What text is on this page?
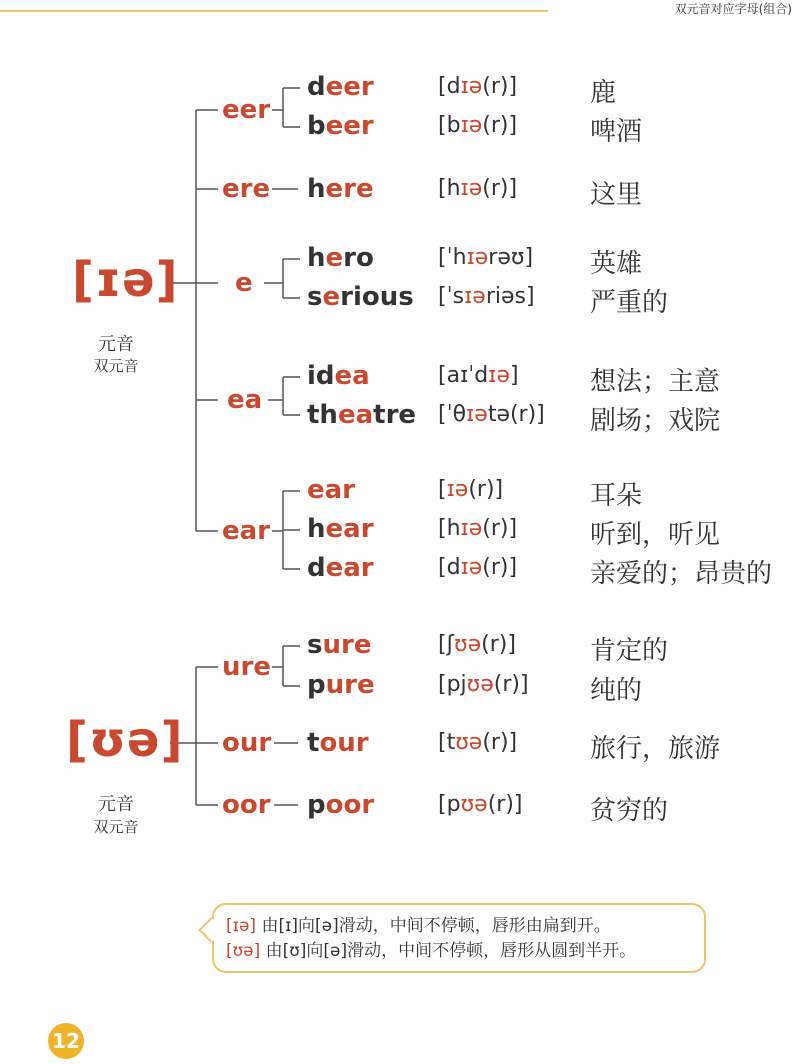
双元音对应字母(组合)
[ɪə]
元音
双元音
eer
ere
e
ea
ear
deer	[dɪə(r)]	鹿
beer	[bɪə(r)]	啤酒
here	[hɪə(r)]	这里
hero	[ˈhɪərəʊ] 英雄
serious [ˈsɪəriəs] 严重的
idea	[aɪˈdɪə]	想法；主意
theatre [ˈθɪətə(r)] 剧场；戏院
ear	[ɪə(r)]	耳朵
hear	[hɪə(r)]	听到，听见
dear	[dɪə(r)]	亲爱的；昂贵的
[ʊə]
元音
双元音
ure
our
oor
sure	[ʃʊə(r)]	肯定的
pure	[pjʊə(r)] 纯的
tour	[tʊə(r)]	旅行，旅游
poor	[pʊə(r)]	贫穷的
[ɪə] 由[ɪ]向[ə]滑动，中间不停顿，唇形由扁到开。
[ʊə] 由[ʊ]向[ə]滑动，中间不停顿，唇形从圆到半开。
12
